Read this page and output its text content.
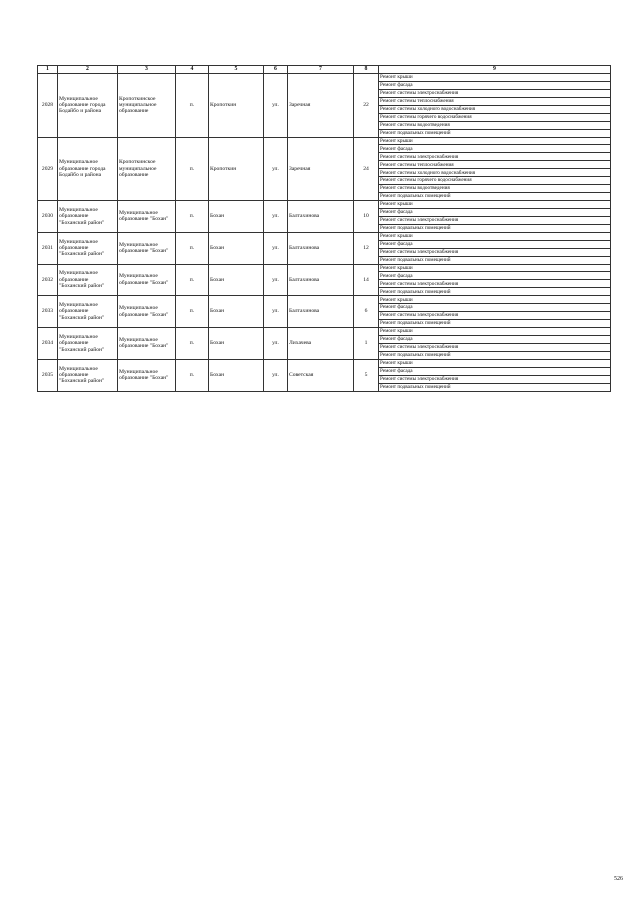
1	2	3	4	5	6	7	8	9
2028	Муниципальное образование города Бодайбо и района	Кропоткинское муниципальное образование	п.	Кропоткин	ул.	Заречная	22	Ремонт крыши
								Ремонт фасада
								Ремонт системы электроснабжения
								Ремонт системы теплоснабжения
								Ремонт системы холодного водоснабжения
								Ремонт системы горячего водоснабжения
								Ремонт системы водоотведения
								Ремонт подвальных помещений
2029	Муниципальное образование города Бодайбо и района	Кропоткинское муниципальное образование	п.	Кропоткин	ул.	Заречная	24	Ремонт крыши
								Ремонт фасада
								Ремонт системы электроснабжения
								Ремонт системы теплоснабжения
								Ремонт системы холодного водоснабжения
								Ремонт системы горячего водоснабжения
								Ремонт системы водоотведения
								Ремонт подвальных помещений
2030	Муниципальное образование "Боханский район"	Муниципальное образование "Бохан"	п.	Бохан	ул.	Балтахинова	10	Ремонт крыши
								Ремонт фасада
								Ремонт системы электроснабжения
								Ремонт подвальных помещений
2031	Муниципальное образование "Боханский район"	Муниципальное образование "Бохан"	п.	Бохан	ул.	Балтахинова	12	Ремонт крыши
								Ремонт фасада
								Ремонт системы электроснабжения
								Ремонт подвальных помещений
2032	Муниципальное образование "Боханский район"	Муниципальное образование "Бохан"	п.	Бохан	ул.	Балтахинова	14	Ремонт крыши
								Ремонт фасада
								Ремонт системы электроснабжения
								Ремонт подвальных помещений
2033	Муниципальное образование "Боханский район"	Муниципальное образование "Бохан"	п.	Бохан	ул.	Балтахинова	6	Ремонт крыши
								Ремонт фасада
								Ремонт системы электроснабжения
								Ремонт подвальных помещений
2034	Муниципальное образование "Боханский район"	Муниципальное образование "Бохан"	п.	Бохан	ул.	Лихачева	1	Ремонт крыши
								Ремонт фасада
								Ремонт системы электроснабжения
								Ремонт подвальных помещений
2035	Муниципальное образование "Боханский район"	Муниципальное образование "Бохан"	п.	Бохан	ул.	Советская	5	Ремонт крыши
								Ремонт фасада
								Ремонт системы электроснабжения
								Ремонт подвальных помещений
526
